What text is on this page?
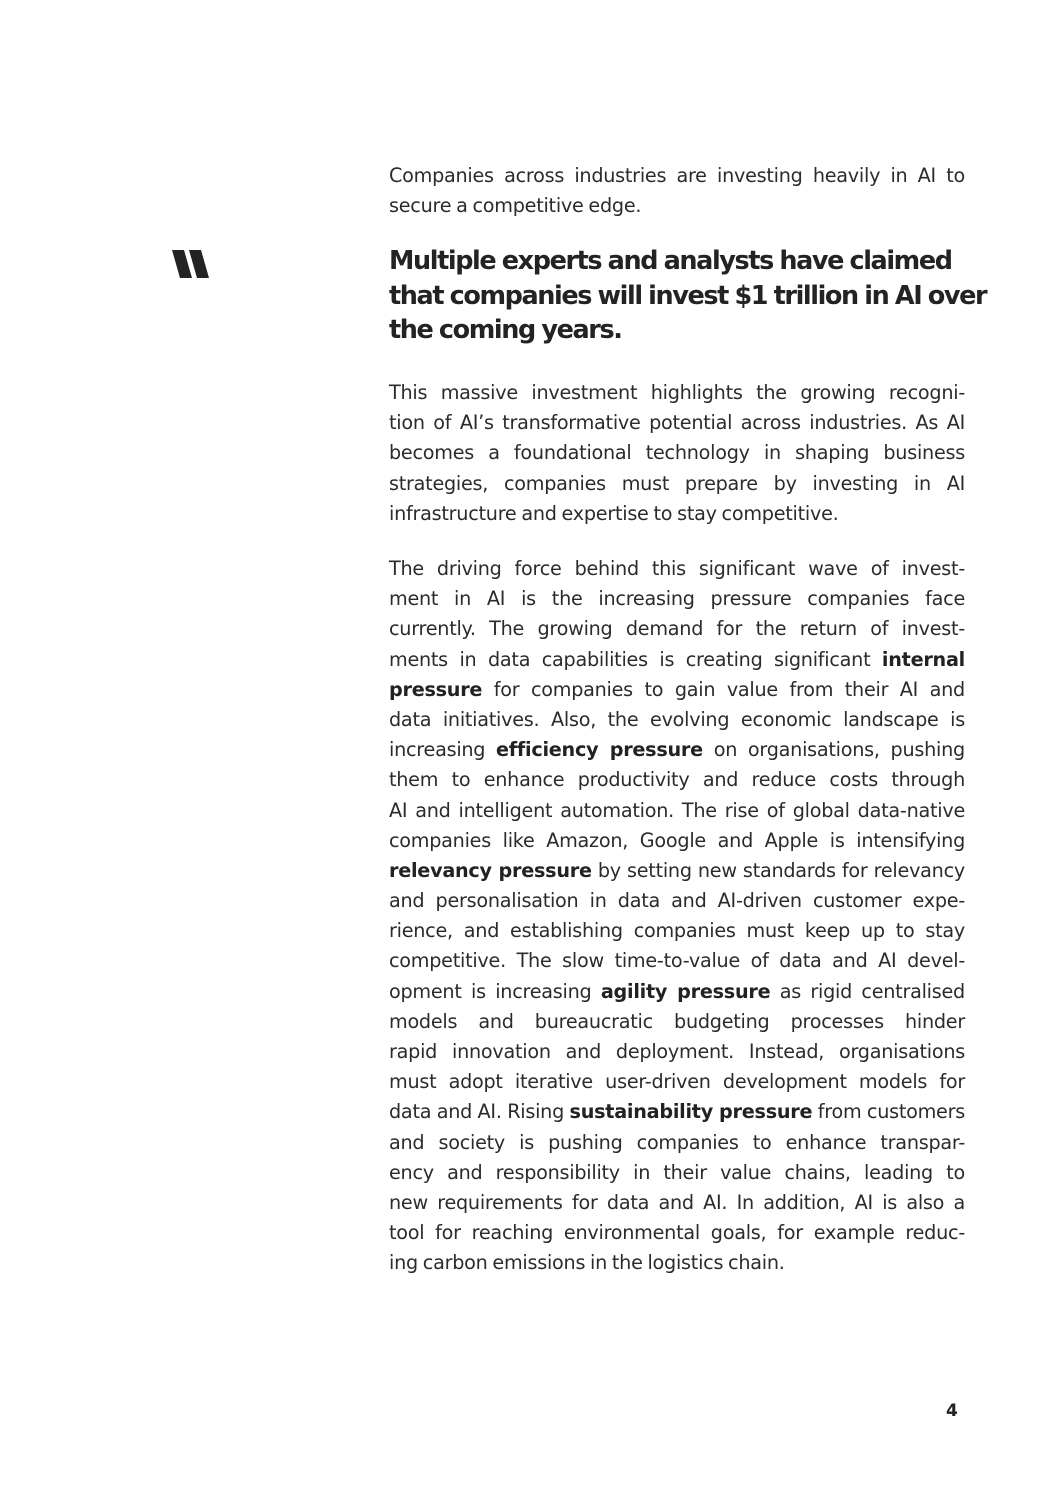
Companies across industries are investing heavily in AI to
secure a competitive edge.
Multiple experts and analysts have claimed
that companies will invest $1 trillion in AI over
the coming years.
This massive investment highlights the growing recogni-
tion of AI’s transformative potential across industries. As AI
becomes a foundational technology in shaping business
strategies, companies must prepare by investing in AI
infrastructure and expertise to stay competitive.
The driving force behind this significant wave of invest-
ment in AI is the increasing pressure companies face
currently. The growing demand for the return of invest-
ments in data capabilities is creating significant internal
pressure for companies to gain value from their AI and
data initiatives. Also, the evolving economic landscape is
increasing efficiency pressure on organisations, pushing
them to enhance productivity and reduce costs through
AI and intelligent automation. The rise of global data-native
companies like Amazon, Google and Apple is intensifying
relevancy pressure by setting new standards for relevancy
and personalisation in data and AI-driven customer expe-
rience, and establishing companies must keep up to stay
competitive. The slow time-to-value of data and AI devel-
opment is increasing agility pressure as rigid centralised
models and bureaucratic budgeting processes hinder
rapid innovation and deployment. Instead, organisations
must adopt iterative user-driven development models for
data and AI. Rising sustainability pressure from customers
and society is pushing companies to enhance transpar-
ency and responsibility in their value chains, leading to
new requirements for data and AI. In addition, AI is also a
tool for reaching environmental goals, for example reduc-
ing carbon emissions in the logistics chain.
4
